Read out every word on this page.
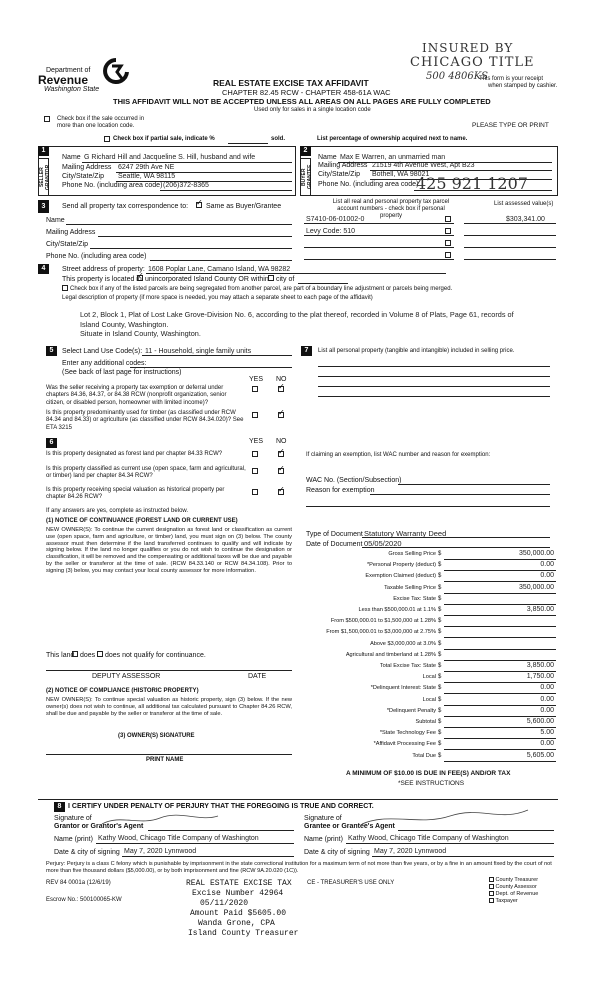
INSURED BY
CHICAGO TITLE
500 4806KS
This form is your receipt
when stamped by cashier.
Department of
Revenue
Washington State
REAL ESTATE EXCISE TAX AFFIDAVIT
CHAPTER 82.45 RCW - CHAPTER 458-61A WAC
THIS AFFIDAVIT WILL NOT BE ACCEPTED UNLESS ALL AREAS ON ALL PAGES ARE FULLY COMPLETED
Used only for sales in a single location code
Check box if the sale occurred in
more than one location code.	PLEASE TYPE OR PRINT
Check box if partial sale, indicate %	sold.	List percentage of ownership acquired next to name.
1
SELLER GRANTOR
Name G Richard Hill and Jacqueline S. Hill, husband and wife
Mailing Address 6247 29th Ave NE
City/State/Zip Seattle, WA 98115
Phone No. (including area code) (206)372-8365
2
BUYER GRANTEE
Name Max E Warren, an unmarried man
Mailing Address 21519 4th Avenue West, Apt B23
City/State/Zip Bothell, WA 98021
Phone No. (including area code)
425 921 1207
3	Send all property tax correspondence to: ✓	Same as Buyer/Grantee
Name
Mailing Address
City/State/Zip
Phone No. (including area code)
List all real and personal property tax parcel account numbers - check box if personal property
List assessed value(s)
S7410-06-01002-0	$303,341.00
Levy Code: 510
4	Street address of property: 1608 Poplar Lane, Camano Island, WA 98282
This property is located in ✓ unincorporated Island County OR within city of
Check box if any of the listed parcels are being segregated from another parcel, are part of a boundary line adjustment or parcels being merged.
Legal description of property (if more space is needed, you may attach a separate sheet to each page of the affidavit)
Lot 2, Block 1, Plat of Lost Lake Grove-Division No. 6, according to the plat thereof, recorded in Volume 8 of Plats, Page 61, records of
Island County, Washington.
Situate in Island County, Washington.
5	Select Land Use Code(s): 11 - Household, single family units
Enter any additional codes:
(See back of last page for instructions)
YES NO
Was the seller receiving a property tax exemption or deferral under chapters 84.36, 84.37, or 84.38 RCW (nonprofit organization, senior citizen, or disabled person, homeowner with limited income)?
✓
Is this property predominantly used for timber (as classified under RCW 84.34 and 84.33) or agriculture (as classified under RCW 84.34.020)? See ETA 3215
✓
6	YES NO
Is this property designated as forest land per chapter 84.33 RCW?
✓
Is this property classified as current use (open space, farm and agricultural, or timber) land per chapter 84.34 RCW?
✓
Is this property receiving special valuation as historical property per chapter 84.26 RCW?
✓
If any answers are yes, complete as instructed below.
(1) NOTICE OF CONTINUANCE (FOREST LAND OR CURRENT USE)
NEW OWNER(S): To continue the current designation as forest land or classification as current use (open space, farm and agriculture, or timber) land, you must sign on (3) below. The county assessor must then determine if the land transferred continues to qualify and will indicate by signing below. If the land no longer qualifies or you do not wish to continue the designation or classification, it will be removed and the compensating or additional taxes will be due and payable by the seller or transferor at the time of sale. (RCW 84.33.140 or RCW 84.34.108). Prior to signing (3) below, you may contact your local county assessor for more information.
This land does does not qualify for continuance.
DEPUTY ASSESSOR	DATE
(2) NOTICE OF COMPLIANCE (HISTORIC PROPERTY)
NEW OWNER(S): To continue special valuation as historic property, sign (3) below. If the new owner(s) does not wish to continue, all additional tax calculated pursuant to Chapter 84.26 RCW, shall be due and payable by the seller or transferor at the time of sale.
(3) OWNER(S) SIGNATURE
PRINT NAME
7	List all personal property (tangible and intangible) included in selling price.
If claiming an exemption, list WAC number and reason for exemption:
WAC No. (Section/Subsection)
Reason for exemption
Type of Document Statutory Warranty Deed
Date of Document 05/05/2020
Gross Selling Price $	350,000.00
*Personal Property (deduct) $	0.00
Exemption Claimed (deduct) $	0.00
Taxable Selling Price $	350,000.00
Excise Tax: State $
Less than $500,000.01 at 1.1% $	3,850.00
From $500,000.01 to $1,500,000 at 1.28% $
From $1,500,000.01 to $3,000,000 at 2.75% $
Above $3,000,000 at 3.0% $
Agricultural and timberland at 1.28% $
Total Excise Tax: State $	3,850.00
Local $	1,750.00
*Delinquent Interest: State $	0.00
Local $	0.00
*Delinquent Penalty $	0.00
Subtotal $	5,600.00
*State Technology Fee $	5.00
*Affidavit Processing Fee $	0.00
Total Due $	5,605.00
A MINIMUM OF $10.00 IS DUE IN FEE(S) AND/OR TAX
*SEE INSTRUCTIONS
8 I CERTIFY UNDER PENALTY OF PERJURY THAT THE FOREGOING IS TRUE AND CORRECT.
Signature of
Grantor or Grantor's Agent
Name (print) Kathy Wood, Chicago Title Company of Washington
Date & city of signing May 7, 2020 Lynnwood
Signature of
Grantee or Grantee's Agent
Name (print) Kathy Wood, Chicago Title Company of Washington
Date & city of signing May 7, 2020 Lynnwood
Perjury: Perjury is a class C felony which is punishable by imprisonment in the state correctional institution for a maximum term of not more than five years, or by a fine in an amount fixed by the court of not more than five thousand dollars ($5,000.00), or by both imprisonment and fine (RCW 9A.20.020 (1C)).
REV 84 0001a (12/6/19)
Escrow No.: 500100065-KW
REAL ESTATE EXCISE TAX
Excise Number 42964
05/11/2020
Amount Paid $5605.00
Wanda Grone, CPA
Island County Treasurer
CE - TREASURER'S USE ONLY	County Treasurer
County Assessor
Dept. of Revenue
Taxpayer
